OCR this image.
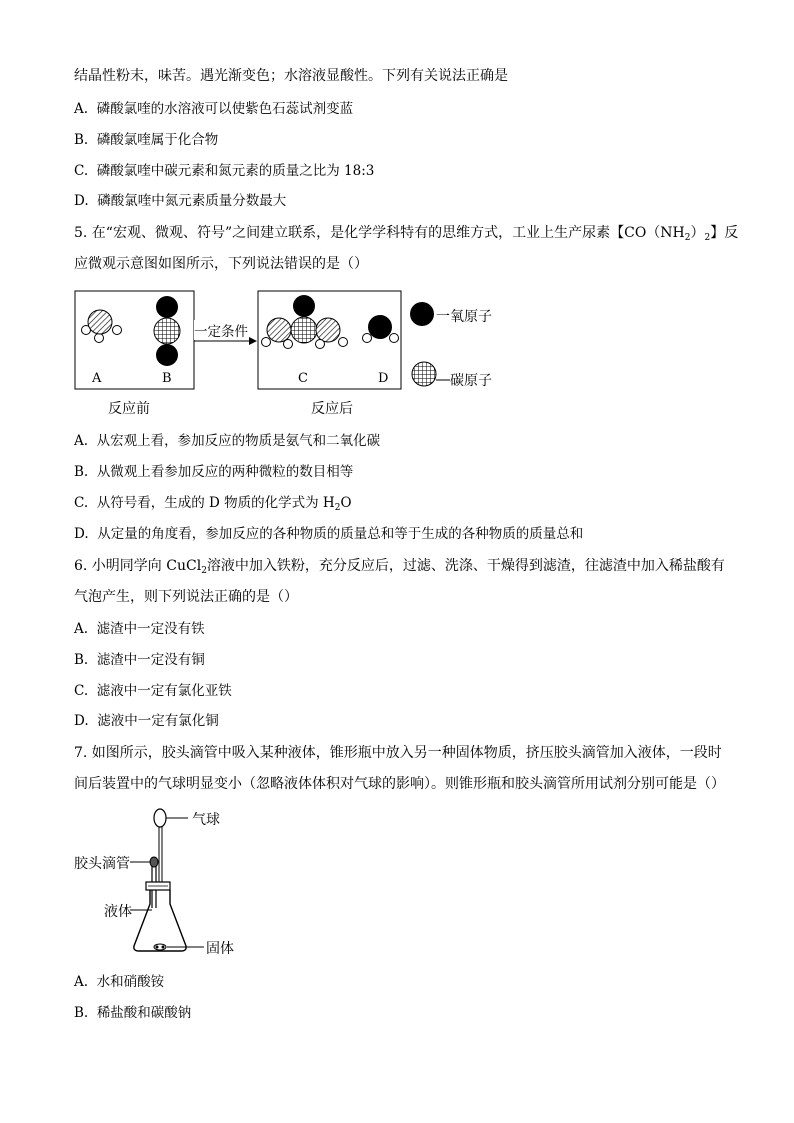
结晶性粉末，味苦。遇光渐变色；水溶液显酸性。下列有关说法正确是
A. 磷酸氯喹的水溶液可以使紫色石蕊试剂变蓝
B. 磷酸氯喹属于化合物
C. 磷酸氯喹中碳元素和氮元素的质量之比为 18:3
D. 磷酸氯喹中氮元素质量分数最大
5. 在“宏观、微观、符号”之间建立联系，是化学学科特有的思维方式，工业上生产尿素【$CO(NH_2)_2$】反
应微观示意图如图所示，下列说法错误的是（）
A	B	C	D
一定条件
反应前	反应后
一氧原子
碳原子
A. 从宏观上看，参加反应的物质是氨气和二氧化碳
B. 从微观上看参加反应的两种微粒的数目相等
C. 从符号看，生成的 D 物质的化学式为 $H_2O$
D. 从定量的角度看，参加反应的各种物质的质量总和等于生成的各种物质的质量总和
6. 小明同学向 CuCl$_2$溶液中加入铁粉，充分反应后，过滤、洗涤、干燥得到滤渣，往滤渣中加入稀盐酸有
气泡产生，则下列说法正确的是（）
A. 滤渣中一定没有铁
B. 滤渣中一定没有铜
C. 滤液中一定有氯化亚铁
D. 滤液中一定有氯化铜
7. 如图所示，胶头滴管中吸入某种液体，锥形瓶中放入另一种固体物质，挤压胶头滴管加入液体，一段时
间后装置中的气球明显变小（忽略液体体积对气球的影响）。则锥形瓶和胶头滴管所用试剂分别可能是（）
气球
胶头滴管
液体
固体
A. 水和硝酸铵
B. 稀盐酸和碳酸钠
